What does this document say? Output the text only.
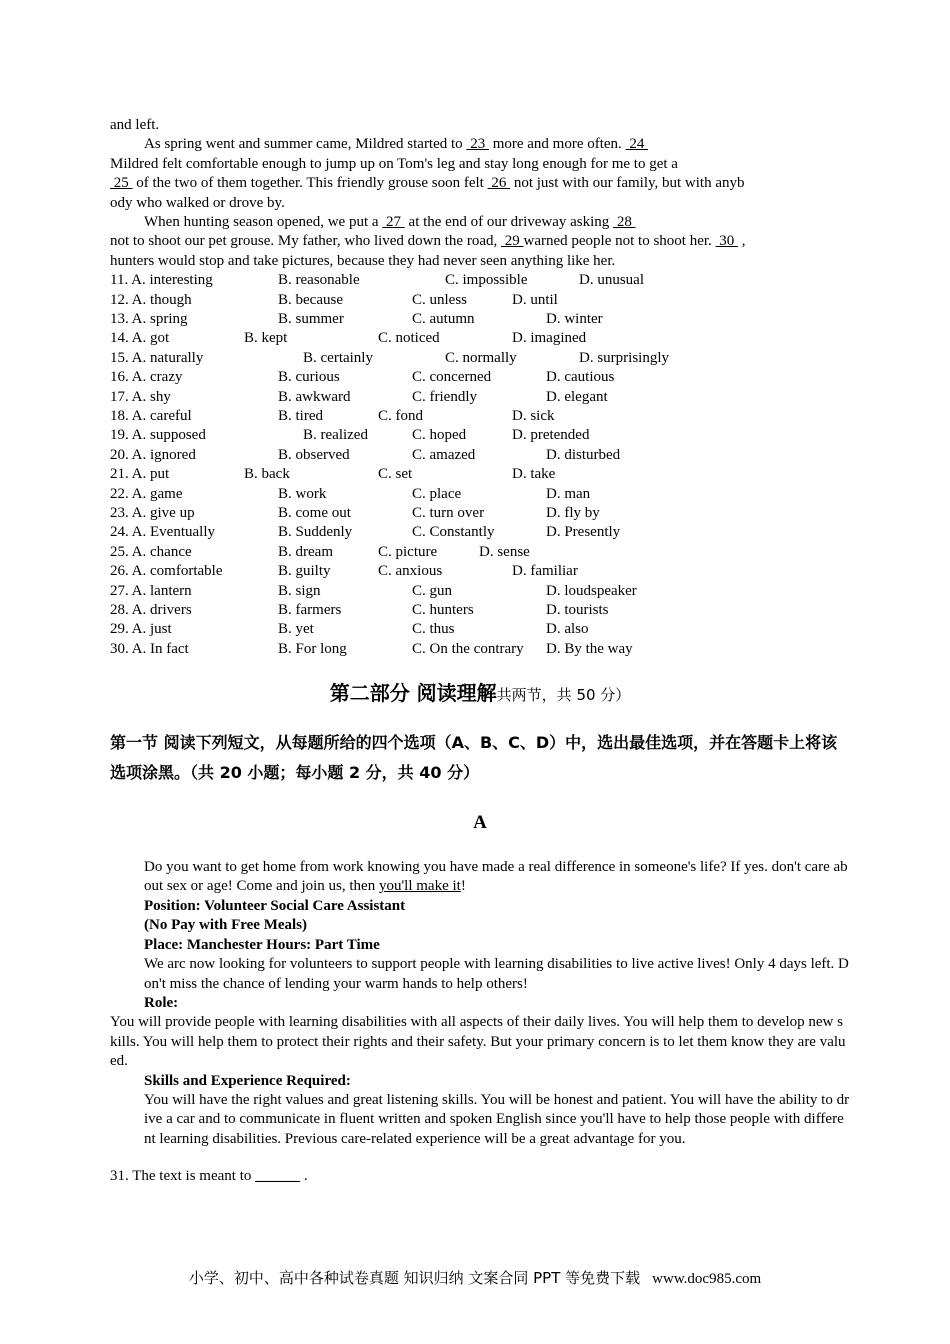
and left.
As spring went and summer came, Mildred started to  23  more and more often.  24
Mildred felt comfortable enough to jump up on Tom's leg and stay long enough for me to get a
25  of the two of them together. This friendly grouse soon felt  26  not just with our family, but with anyb
ody who walked or drove by.
When hunting season opened, we put a  27  at the end of our driveway asking  28
not to shoot our pet grouse. My father, who lived down the road,  29 warned people not to shoot her.  30  ,
hunters would stop and take pictures, because they had never seen anything like her.
11. A. interesting	B. reasonable	C. impossible	D. unusual
12. A. though	B. because	C. unless	D. until
13. A. spring	B. summer	C. autumn	D. winter
14. A. got	B. kept	C. noticed	D. imagined
15. A. naturally	B. certainly	C. normally	D. surprisingly
16. A. crazy	B. curious	C. concerned	D. cautious
17. A. shy	B. awkward	C. friendly	D. elegant
18. A. careful	B. tired	C. fond	D. sick
19. A. supposed	B. realized	C. hoped	D. pretended
20. A. ignored	B. observed	C. amazed	D. disturbed
21. A. put	B. back	C. set	D. take
22. A. game	B. work	C. place	D. man
23. A. give up	B. come out	C. turn over	D. fly by
24. A. Eventually	B. Suddenly	C. Constantly	D. Presently
25. A. chance	B. dream	C. picture	D. sense
26. A. comfortable	B. guilty	C. anxious	D. familiar
27. A. lantern	B. sign	C. gun	D. loudspeaker
28. A. drivers	B. farmers	C. hunters	D. tourists
29. A. just	B. yet	C. thus	D. also
30. A. In fact	B. For long	C. On the contrary D. By the way
第二部分 阅读理解共两节，共 50 分）
第一节 阅读下列短文，从每题所给的四个选项（A、B、C、D）中，选出最佳选项，并在答题卡上将该选项涂黑。（共 20 小题；每小题 2 分，共 40 分）
A
Do you want to get home from work knowing you have made a real difference in someone's life? If yes. don't care about sex or age! Come and join us, then you'll make it!
Position: Volunteer Social Care Assistant
(No Pay with Free Meals)
Place: Manchester Hours: Part Time
We arc now looking for volunteers to support people with learning disabilities to live active lives! Only 4 days left. Don't miss the chance of lending your warm hands to help others!
Role:
You will provide people with learning disabilities with all aspects of their daily lives. You will help them to develop new skills. You will help them to protect their rights and their safety. But your primary concern is to let them know they are valued.
Skills and Experience Required:
You will have the right values and great listening skills. You will be honest and patient. You will have the ability to drive a car and to communicate in fluent written and spoken English since you'll have to help those people with different learning disabilities. Previous care-related experience will be a great advantage for you.
31. The text is meant to ______ .
小学、初中、高中各种试卷真题 知识归纳 文案合同 PPT 等免费下载 www.doc985.com
